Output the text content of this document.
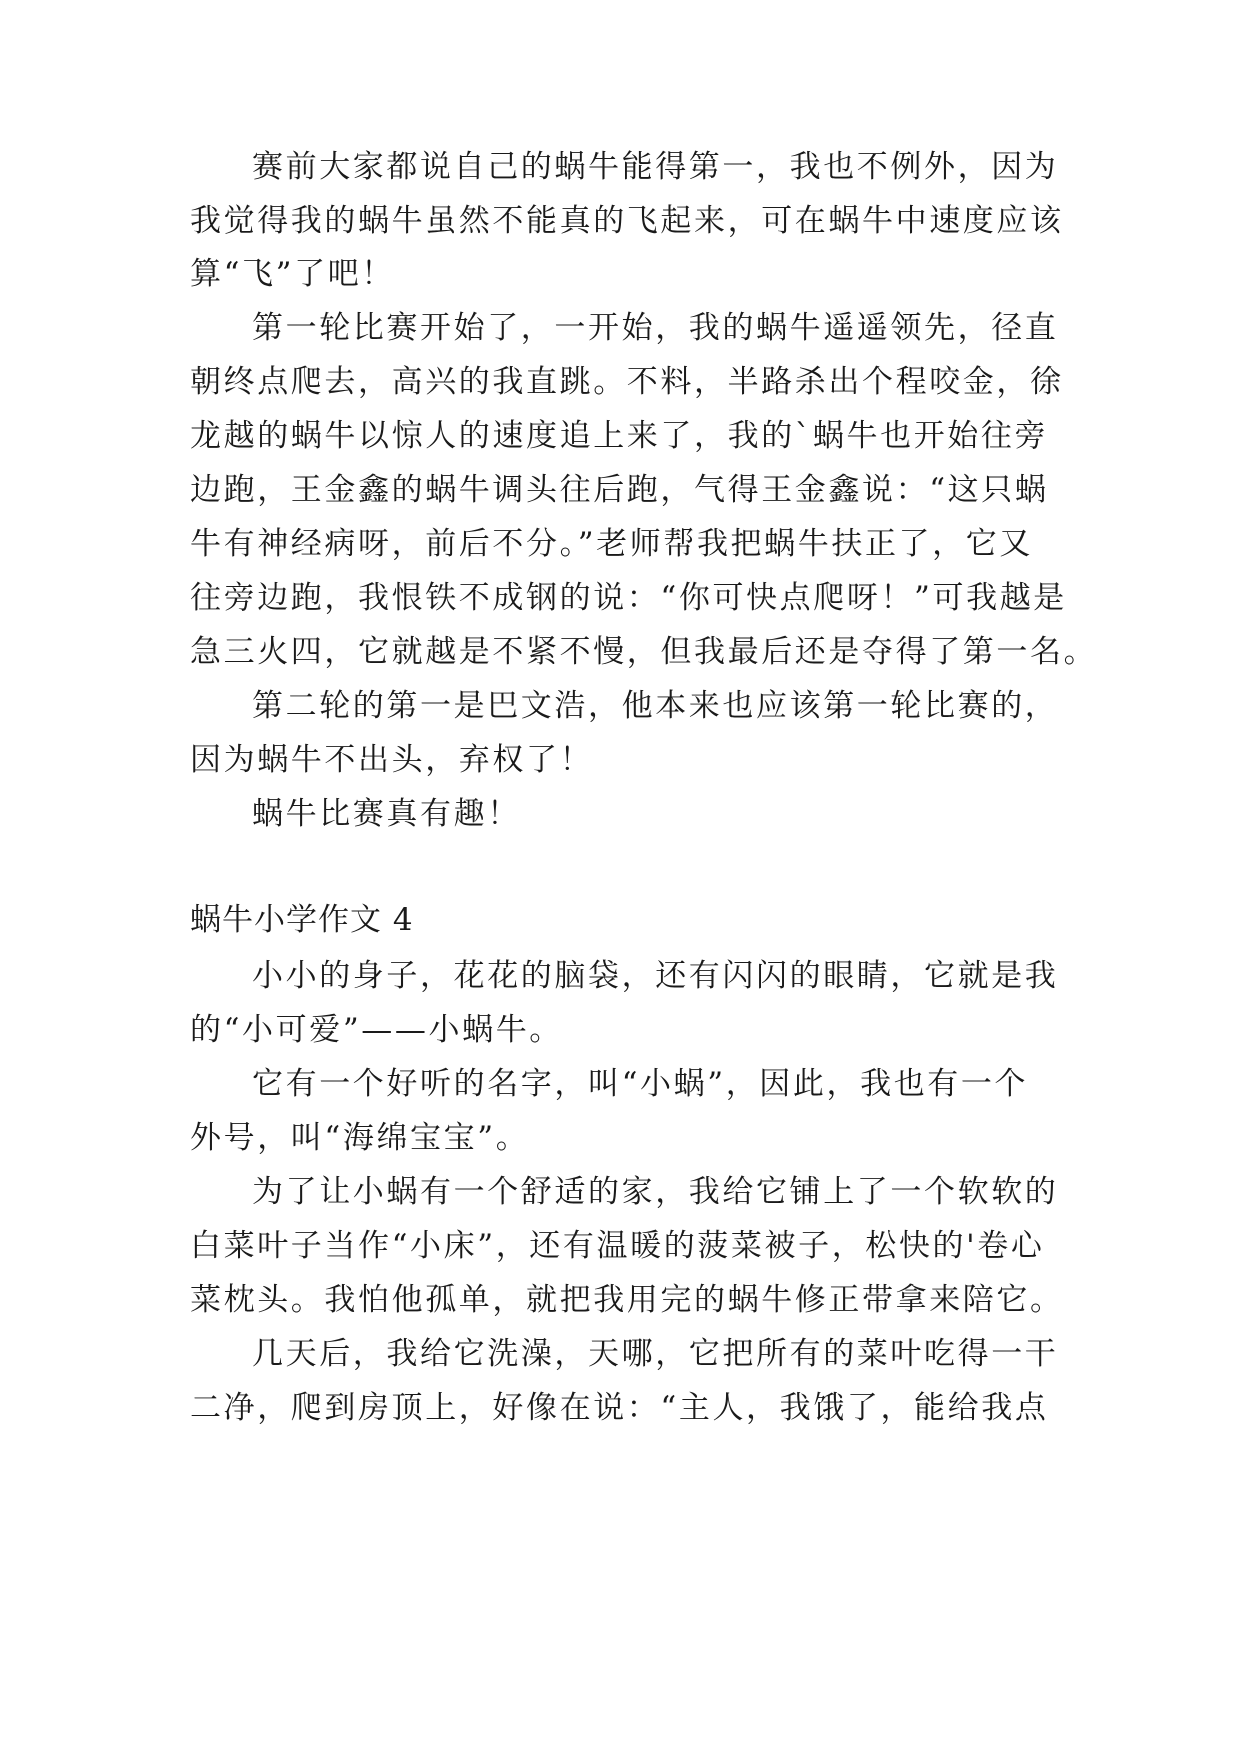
赛前大家都说自己的蜗牛能得第一，我也不例外，因为
我觉得我的蜗牛虽然不能真的飞起来，可在蜗牛中速度应该
算“飞”了吧！
第一轮比赛开始了，一开始，我的蜗牛遥遥领先，径直
朝终点爬去，高兴的我直跳。不料，半路杀出个程咬金，徐
龙越的蜗牛以惊人的速度追上来了，我的`蜗牛也开始往旁
边跑，王金鑫的蜗牛调头往后跑，气得王金鑫说：“这只蜗
牛有神经病呀，前后不分。”老师帮我把蜗牛扶正了，它又
往旁边跑，我恨铁不成钢的说：“你可快点爬呀！”可我越是
急三火四，它就越是不紧不慢，但我最后还是夺得了第一名。
第二轮的第一是巴文浩，他本来也应该第一轮比赛的，
因为蜗牛不出头，弃权了！
蜗牛比赛真有趣！
蜗牛小学作文 4
小小的身子，花花的脑袋，还有闪闪的眼睛，它就是我
的“小可爱”——小蜗牛。
它有一个好听的名字，叫“小蜗”，因此，我也有一个
外号，叫“海绵宝宝”。
为了让小蜗有一个舒适的家，我给它铺上了一个软软的
白菜叶子当作“小床”，还有温暖的菠菜被子，松快的'卷心
菜枕头。我怕他孤单，就把我用完的蜗牛修正带拿来陪它。
几天后，我给它洗澡，天哪，它把所有的菜叶吃得一干
二净，爬到房顶上，好像在说：“主人，我饿了，能给我点
